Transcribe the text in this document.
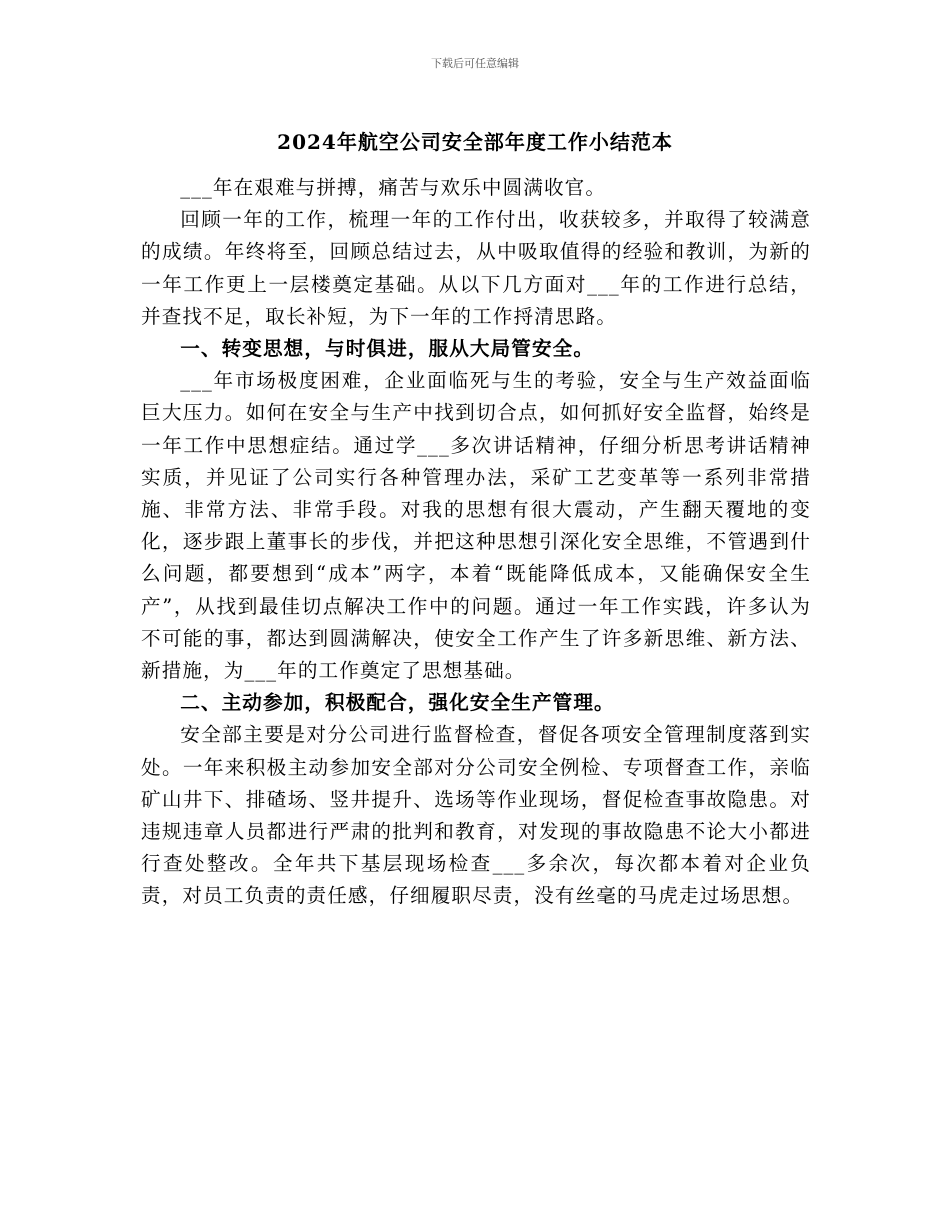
下载后可任意编辑
2024年航空公司安全部年度工作小结范本

___年在艰难与拼搏，痛苦与欢乐中圆满收官。

回顾一年的工作，梳理一年的工作付出，收获较多，并取得了较满意的成绩。年终将至，回顾总结过去，从中吸取值得的经验和教训，为新的一年工作更上一层楼奠定基础。从以下几方面对___年的工作进行总结，并查找不足，取长补短，为下一年的工作捋清思路。

一、转变思想，与时俱进，服从大局管安全。

___年市场极度困难，企业面临死与生的考验，安全与生产效益面临巨大压力。如何在安全与生产中找到切合点，如何抓好安全监督，始终是一年工作中思想症结。通过学___多次讲话精神，仔细分析思考讲话精神实质，并见证了公司实行各种管理办法，采矿工艺变革等一系列非常措施、非常方法、非常手段。对我的思想有很大震动，产生翻天覆地的变化，逐步跟上董事长的步伐，并把这种思想引深化安全思维，不管遇到什么问题，都要想到“成本”两字，本着“既能降低成本，又能确保安全生产”，从找到最佳切点解决工作中的问题。通过一年工作实践，许多认为不可能的事，都达到圆满解决，使安全工作产生了许多新思维、新方法、新措施，为___年的工作奠定了思想基础。

二、主动参加，积极配合，强化安全生产管理。

安全部主要是对分公司进行监督检查，督促各项安全管理制度落到实处。一年来积极主动参加安全部对分公司安全例检、专项督查工作，亲临矿山井下、排碴场、竖井提升、选场等作业现场，督促检查事故隐患。对违规违章人员都进行严肃的批判和教育，对发现的事故隐患不论大小都进行查处整改。全年共下基层现场检查___多余次，每次都本着对企业负责，对员工负责的责任感，仔细履职尽责，没有丝毫的马虎走过场思想。
